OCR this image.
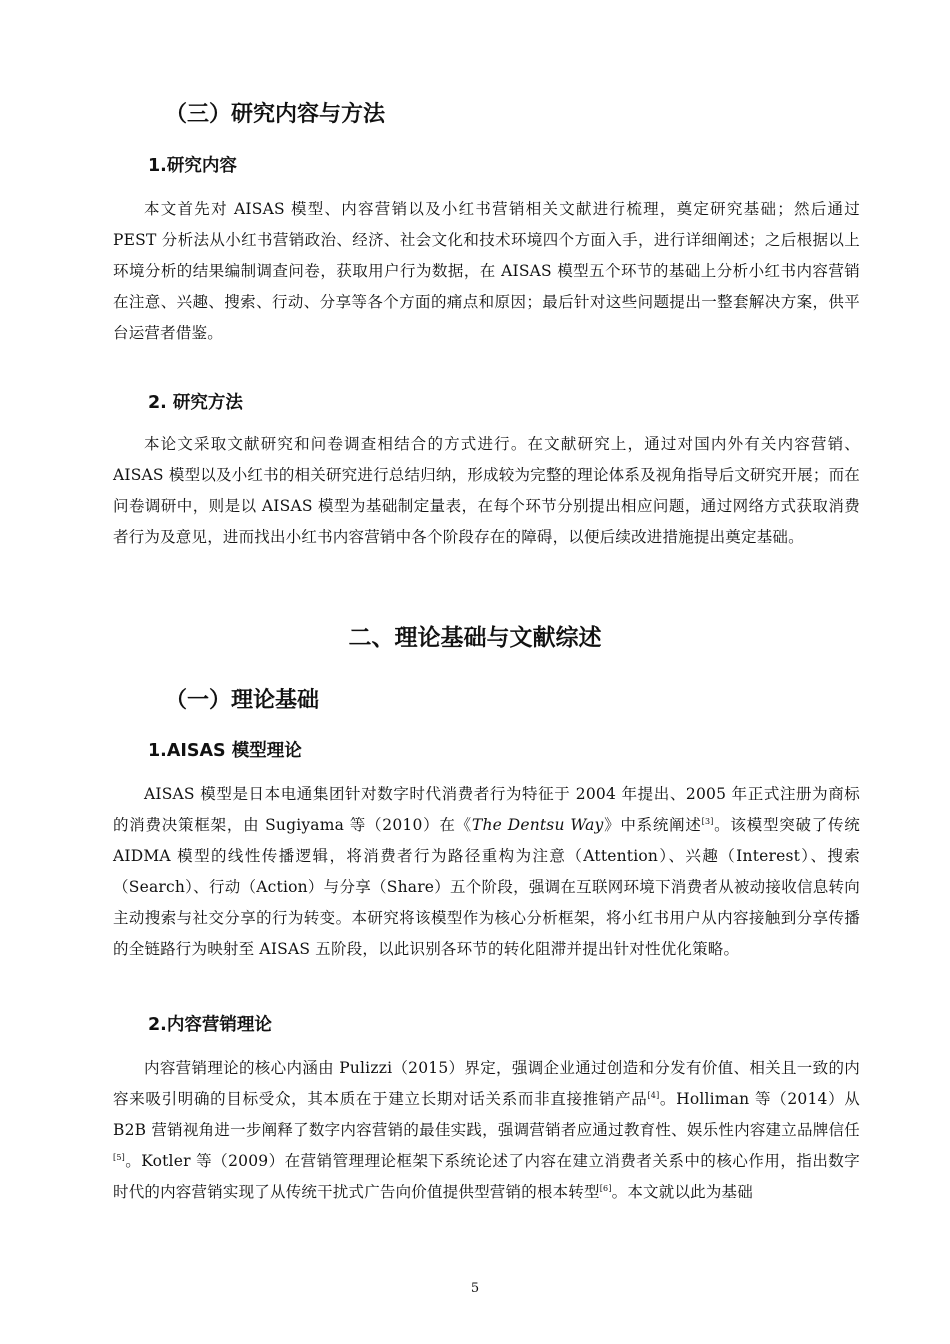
（三）研究内容与方法
1.研究内容

本文首先对 AISAS 模型、内容营销以及小红书营销相关文献进行梳理，奠定研究基础；然后通过 PEST 分析法从小红书营销政治、经济、社会文化和技术环境四个方面入手，进行详细阐述；之后根据以上环境分析的结果编制调查问卷，获取用户行为数据，在 AISAS 模型五个环节的基础上分析小红书内容营销在注意、兴趣、搜索、行动、分享等各个方面的痛点和原因；最后针对这些问题提出一整套解决方案，供平台运营者借鉴。

2. 研究方法

本论文采取文献研究和问卷调查相结合的方式进行。在文献研究上，通过对国内外有关内容营销、AISAS 模型以及小红书的相关研究进行总结归纳，形成较为完整的理论体系及视角指导后文研究开展；而在问卷调研中，则是以 AISAS 模型为基础制定量表，在每个环节分别提出相应问题，通过网络方式获取消费者行为及意见，进而找出小红书内容营销中各个阶段存在的障碍，以便后续改进措施提出奠定基础。

二、理论基础与文献综述
（一）理论基础
1.AISAS 模型理论

AISAS 模型是日本电通集团针对数字时代消费者行为特征于 2004 年提出、2005 年正式注册为商标的消费决策框架，由 Sugiyama 等（2010）在《The Dentsu Way》中系统阐述[3]。该模型突破了传统 AIDMA 模型的线性传播逻辑，将消费者行为路径重构为注意（Attention）、兴趣（Interest）、搜索（Search）、行动（Action）与分享（Share）五个阶段，强调在互联网环境下消费者从被动接收信息转向主动搜索与社交分享的行为转变。本研究将该模型作为核心分析框架，将小红书用户从内容接触到分享传播的全链路行为映射至 AISAS 五阶段，以此识别各环节的转化阻滞并提出针对性优化策略。

2.内容营销理论

内容营销理论的核心内涵由 Pulizzi（2015）界定，强调企业通过创造和分发有价值、相关且一致的内容来吸引明确的目标受众，其本质在于建立长期对话关系而非直接推销产品[4]。Holliman 等（2014）从 B2B 营销视角进一步阐释了数字内容营销的最佳实践，强调营销者应通过教育性、娱乐性内容建立品牌信任[5]。Kotler 等（2009）在营销管理理论框架下系统论述了内容在建立消费者关系中的核心作用，指出数字时代的内容营销实现了从传统干扰式广告向价值提供型营销的根本转型[6]。本文就以此为基础

5
